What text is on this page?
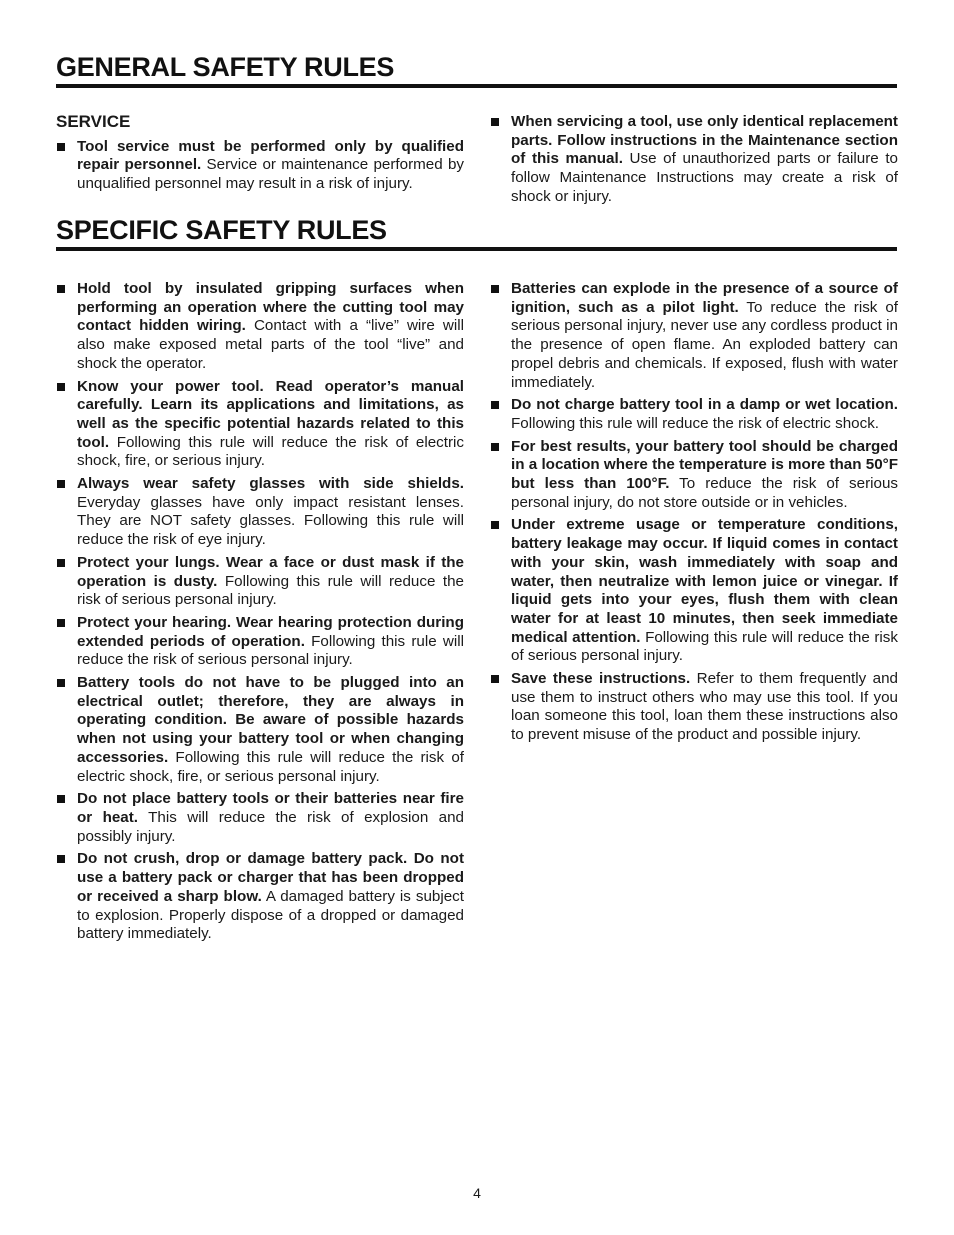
GENERAL SAFETY RULES
SERVICE
Tool service must be performed only by qualified repair personnel. Service or maintenance performed by unqualified personnel may result in a risk of injury.
When servicing a tool, use only identical replacement parts. Follow instructions in the Maintenance section of this manual. Use of unauthorized parts or failure to follow Maintenance Instructions may create a risk of shock or injury.
SPECIFIC SAFETY RULES
Hold tool by insulated gripping surfaces when performing an operation where the cutting tool may contact hidden wiring. Contact with a “live” wire will also make exposed metal parts of the tool “live” and shock the operator.
Know your power tool. Read operator’s manual carefully. Learn its applications and limitations, as well as the specific potential hazards related to this tool. Following this rule will reduce the risk of electric shock, fire, or serious injury.
Always wear safety glasses with side shields. Everyday glasses have only impact resistant lenses. They are NOT safety glasses. Following this rule will reduce the risk of eye injury.
Protect your lungs. Wear a face or dust mask if the operation is dusty. Following this rule will reduce the risk of serious personal injury.
Protect your hearing. Wear hearing protection during extended periods of operation. Following this rule will reduce the risk of serious personal injury.
Battery tools do not have to be plugged into an electrical outlet; therefore, they are always in operating condition. Be aware of possible hazards when not using your battery tool or when changing accessories. Following this rule will reduce the risk of electric shock, fire, or serious personal injury.
Do not place battery tools or their batteries near fire or heat. This will reduce the risk of explosion and possibly injury.
Do not crush, drop or damage battery pack. Do not use a battery pack or charger that has been dropped or received a sharp blow. A damaged battery is subject to explosion. Properly dispose of a dropped or damaged battery immediately.
Batteries can explode in the presence of a source of ignition, such as a pilot light. To reduce the risk of serious personal injury, never use any cordless product in the presence of open flame. An exploded battery can propel debris and chemicals. If exposed, flush with water immediately.
Do not charge battery tool in a damp or wet location. Following this rule will reduce the risk of electric shock.
For best results, your battery tool should be charged in a location where the temperature is more than 50°F but less than 100°F. To reduce the risk of serious personal injury, do not store outside or in vehicles.
Under extreme usage or temperature conditions, battery leakage may occur. If liquid comes in contact with your skin, wash immediately with soap and water, then neutralize with lemon juice or vinegar. If liquid gets into your eyes, flush them with clean water for at least 10 minutes, then seek immediate medical attention. Following this rule will reduce the risk of serious personal injury.
Save these instructions. Refer to them frequently and use them to instruct others who may use this tool. If you loan someone this tool, loan them these instructions also to prevent misuse of the product and possible injury.
4
